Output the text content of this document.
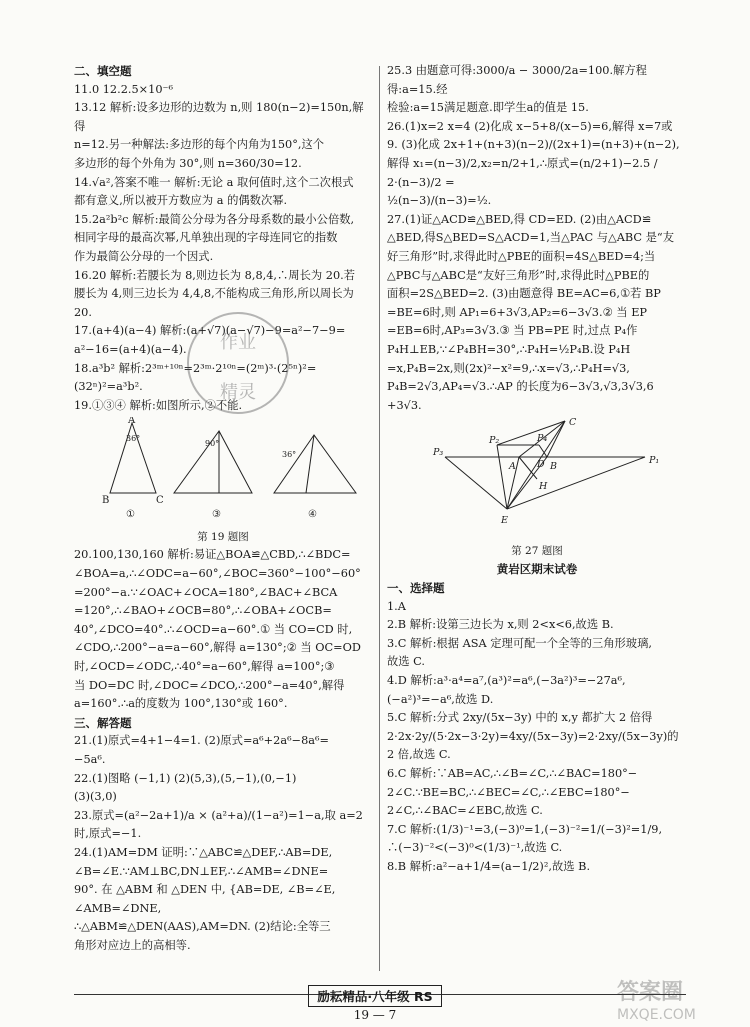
二、填空题
11.0 12.2.5×10⁻⁶
13.12 解析:设多边形的边数为 n,则 180(n−2)=150n,解得
n=12.另一种解法:多边形的每个内角为150°,这个
多边形的每个外角为 30°,则 n=360/30=12.
14.√a²,答案不唯一 解析:无论 a 取何值时,这个二次根式
都有意义,所以被开方数应为 a 的偶数次幂.
15.2a²b²c 解析:最简公分母为各分母系数的最小公倍数,
相同字母的最高次幂,凡单独出现的字母连同它的指数
作为最简公分母的一个因式.
16.20 解析:若腰长为 8,则边长为 8,8,4,∴周长为 20.若
腰长为 4,则三边长为 4,4,8,不能构成三角形,所以周长为
20.
17.(a+4)(a−4) 解析:(a+√7)(a−√7)−9=a²−7−9=
a²−16=(a+4)(a−4).
18.a³b² 解析:2³ᵐ⁺¹⁰ⁿ=2³ᵐ·2¹⁰ⁿ=(2ᵐ)³·(2⁵ⁿ)²=
(32ⁿ)²=a³b².
19.①③④ 解析:如图所示,②不能.
A
B	C
①	③	④
36°
90°
36°
第 19 题图
20.100,130,160 解析:易证△BOA≌△CBD,∴∠BDC=
∠BOA=a,∴∠ODC=a−60°,∠BOC=360°−100°−60°
=200°−a.∵∠OAC+∠OCA=180°,∠BAC+∠BCA
=120°,∴∠BAO+∠OCB=80°,∴∠OBA+∠OCB=
40°,∠DCO=40°.∴∠OCD=a−60°.① 当 CO=CD 时,
∠CDO,∴200°−a=a−60°,解得 a=130°;② 当 OC=OD
时,∠OCD=∠ODC,∴40°=a−60°,解得 a=100°;③
当 DO=DC 时,∠DOC=∠DCO,∴200°−a=40°,解得
a=160°.∴a的度数为 100°,130°或 160°.
三、解答题
21.(1)原式=4+1−4=1. (2)原式=a⁶+2a⁶−8a⁶=
−5a⁶.
22.(1)图略 (−1,1) (2)(5,3),(5,−1),(0,−1)
(3)(3,0)
23.原式=(a²−2a+1)/a × (a²+a)/(1−a²)=1−a,取 a=2时,原式=−1.
24.(1)AM=DM 证明:∵△ABC≌△DEF,∴AB=DE,
∠B=∠E.∵AM⊥BC,DN⊥EF,∴∠AMB=∠DNE=
90°. 在 △ABM 和 △DEN 中, {AB=DE, ∠B=∠E, ∠AMB=∠DNE,
∴△ABM≌△DEN(AAS),AM=DN. (2)结论:全等三
角形对应边上的高相等.
25.3 由题意可得:3000/a − 3000/2a=100.解方程得:a=15.经
检验:a=15满足题意.即学生a的值是 15.
26.(1)x=2 x=4 (2)化成 x−5+8/(x−5)=6,解得 x=7或
9. (3)化成 2x+1+(n+3)(n−2)/(2x+1)=(n+3)+(n−2),
解得 x₁=(n−3)/2,x₂=n/2+1,∴原式=(n/2+1)−2.5 / 2·(n−3)/2 =
½(n−3)/(n−3)=½.
27.(1)证△ACD≌△BED,得 CD=ED. (2)由△ACD≌
△BED,得S△BED=S△ACD=1,当△PAC 与△ABC 是“友
好三角形”时,求得此时△PBE的面积=4S△BED=4;当
△PBC与△ABC是“友好三角形”时,求得此时△PBE的
面积=2S△BED=2. (3)由题意得 BE=AC=6,①若 BP
=BE=6时,则 AP₁=6+3√3,AP₂=6−3√3.② 当 EP
=EB=6时,AP₃=3√3.③ 当 PB=PE 时,过点 P₄作
P₄H⊥EB,∵∠P₄BH=30°,∴P₄H=½P₄B.设 P₄H
=x,P₄B=2x,则(2x)²−x²=9,∴x=√3,∴P₄H=√3,
P₄B=2√3,AP₄=√3.∴AP 的长度为6−3√3,√3,3√3,6
+3√3.
P₃
P₂	P₄
A D B
C
H
E
P₁
第 27 题图
黄岩区期末试卷
一、选择题
1.A
2.B 解析:设第三边长为 x,则 2<x<6,故选 B.
3.C 解析:根据 ASA 定理可配一个全等的三角形玻璃,
故选 C.
4.D 解析:a³·a⁴=a⁷,(a³)²=a⁶,(−3a²)³=−27a⁶,
(−a²)³=−a⁶,故选 D.
5.C 解析:分式 2xy/(5x−3y) 中的 x,y 都扩大 2 倍得
2·2x·2y/(5·2x−3·2y)=4xy/(5x−3y)=2·2xy/(5x−3y)的 2 倍,故选 C.
6.C 解析:∵AB=AC,∴∠B=∠C,∴∠BAC=180°−
2∠C.∵BE=BC,∴∠BEC=∠C,∴∠EBC=180°−
2∠C,∴∠BAC=∠EBC,故选 C.
7.C 解析:(1/3)⁻¹=3,(−3)⁰=1,(−3)⁻²=1/(−3)²=1/9,
∴(−3)⁻²<(−3)⁰<(1/3)⁻¹,故选 C.
8.B 解析:a²−a+1/4=(a−1/2)²,故选 B.
作业
精灵
答案圈
MXQE.COM
励耘精品·八年级 RS
19 — 7
